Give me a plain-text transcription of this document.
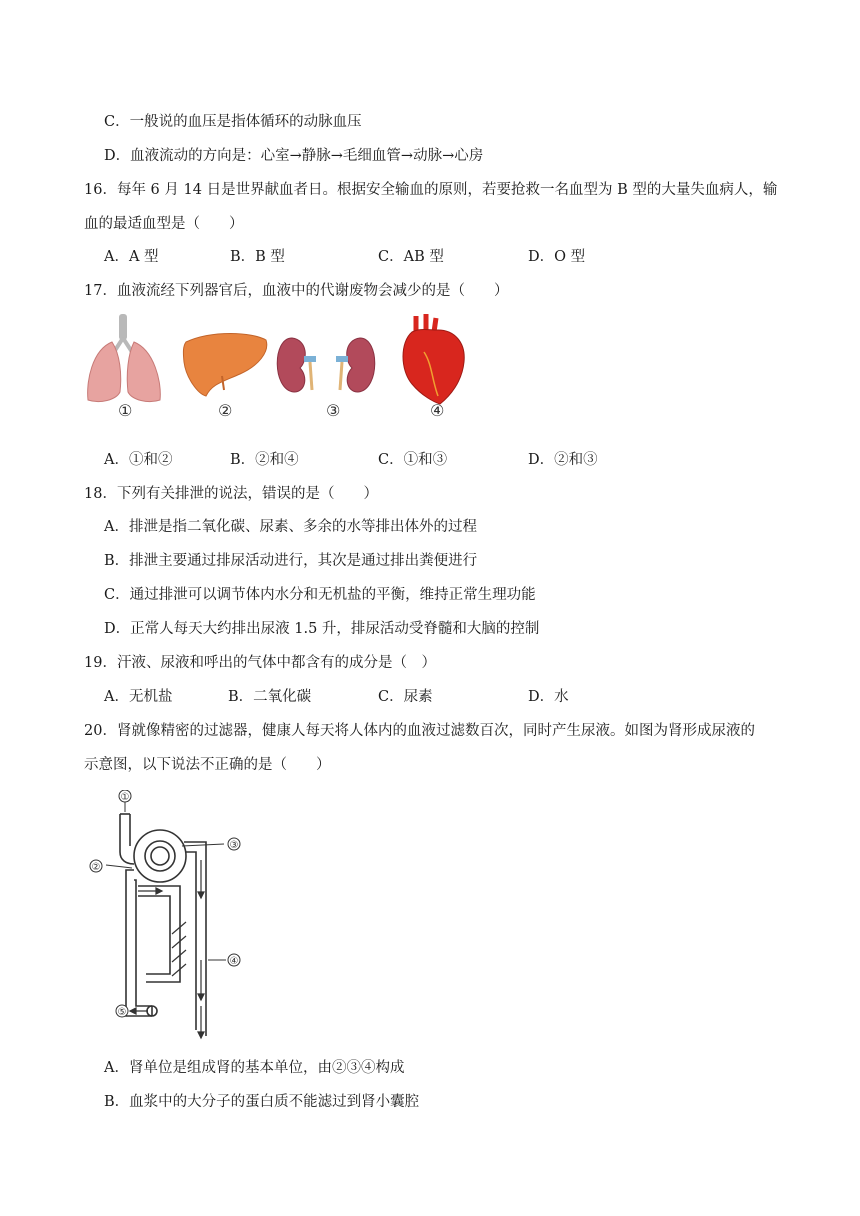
C．一般说的血压是指体循环的动脉血压
D．血液流动的方向是：心室→静脉→毛细血管→动脉→心房
16．每年 6 月 14 日是世界献血者日。根据安全输血的原则，若要抢救一名血型为 B 型的大量失血病人，输
血的最适血型是（　　）
A．A 型	B．B 型	C．AB 型	D．O 型
17．血液流经下列器官后，血液中的代谢废物会减少的是（　　）
①	②	③	④
A．①和②	B．②和④	C．①和③	D．②和③
18．下列有关排泄的说法，错误的是（　　）
A．排泄是指二氧化碳、尿素、多余的水等排出体外的过程
B．排泄主要通过排尿活动进行，其次是通过排出粪便进行
C．通过排泄可以调节体内水分和无机盐的平衡，维持正常生理功能
D．正常人每天大约排出尿液 1.5 升，排尿活动受脊髓和大脑的控制
19．汗液、尿液和呼出的气体中都含有的成分是（　）
A．无机盐	B．二氧化碳	C．尿素	D．水
20．肾就像精密的过滤器，健康人每天将人体内的血液过滤数百次，同时产生尿液。如图为肾形成尿液的
示意图，以下说法不正确的是（　　）
①
②
③
④
⑤
A．肾单位是组成肾的基本单位，由②③④构成
B．血浆中的大分子的蛋白质不能滤过到肾小囊腔
